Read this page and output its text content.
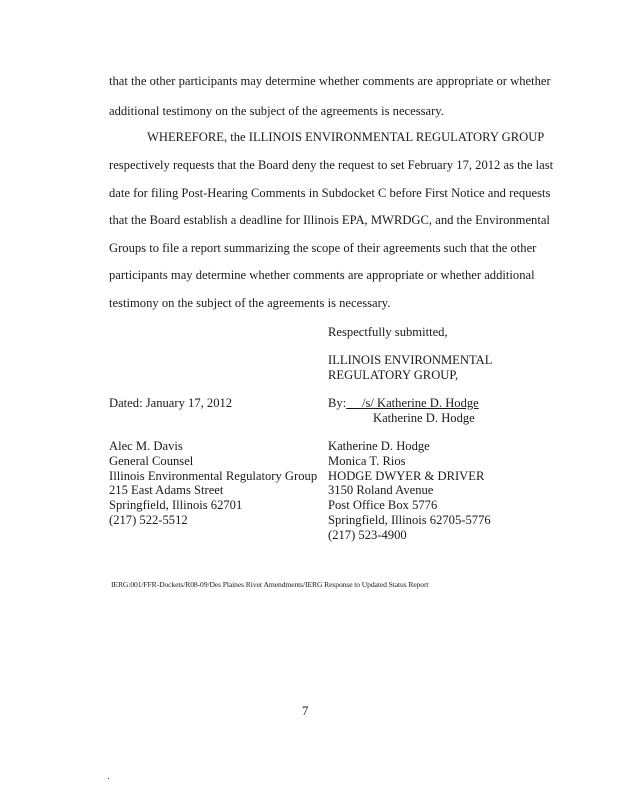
that the other participants may determine whether comments are appropriate or whether
additional testimony on the subject of the agreements is necessary.
WHEREFORE, the ILLINOIS ENVIRONMENTAL REGULATORY GROUP
respectively requests that the Board deny the request to set February 17, 2012 as the last
date for filing Post-Hearing Comments in Subdocket C before First Notice and requests
that the Board establish a deadline for Illinois EPA, MWRDGC, and the Environmental
Groups to file a report summarizing the scope of their agreements such that the other
participants may determine whether comments are appropriate or whether additional
testimony on the subject of the agreements is necessary.
Respectfully submitted,
ILLINOIS ENVIRONMENTAL
REGULATORY GROUP,
Dated: January 17, 2012	By: /s/ Katherine D. Hodge
Katherine D. Hodge
Alec M. Davis
General Counsel
Illinois Environmental Regulatory Group
215 East Adams Street
Springfield, Illinois 62701
(217) 522-5512
Katherine D. Hodge
Monica T. Rios
HODGE DWYER & DRIVER
3150 Roland Avenue
Post Office Box 5776
Springfield, Illinois 62705-5776
(217) 523-4900
IERG:001/FFR-Dockets/R08-09/Des Plaines River Amendments/IERG Response to Updated Status Report
7
